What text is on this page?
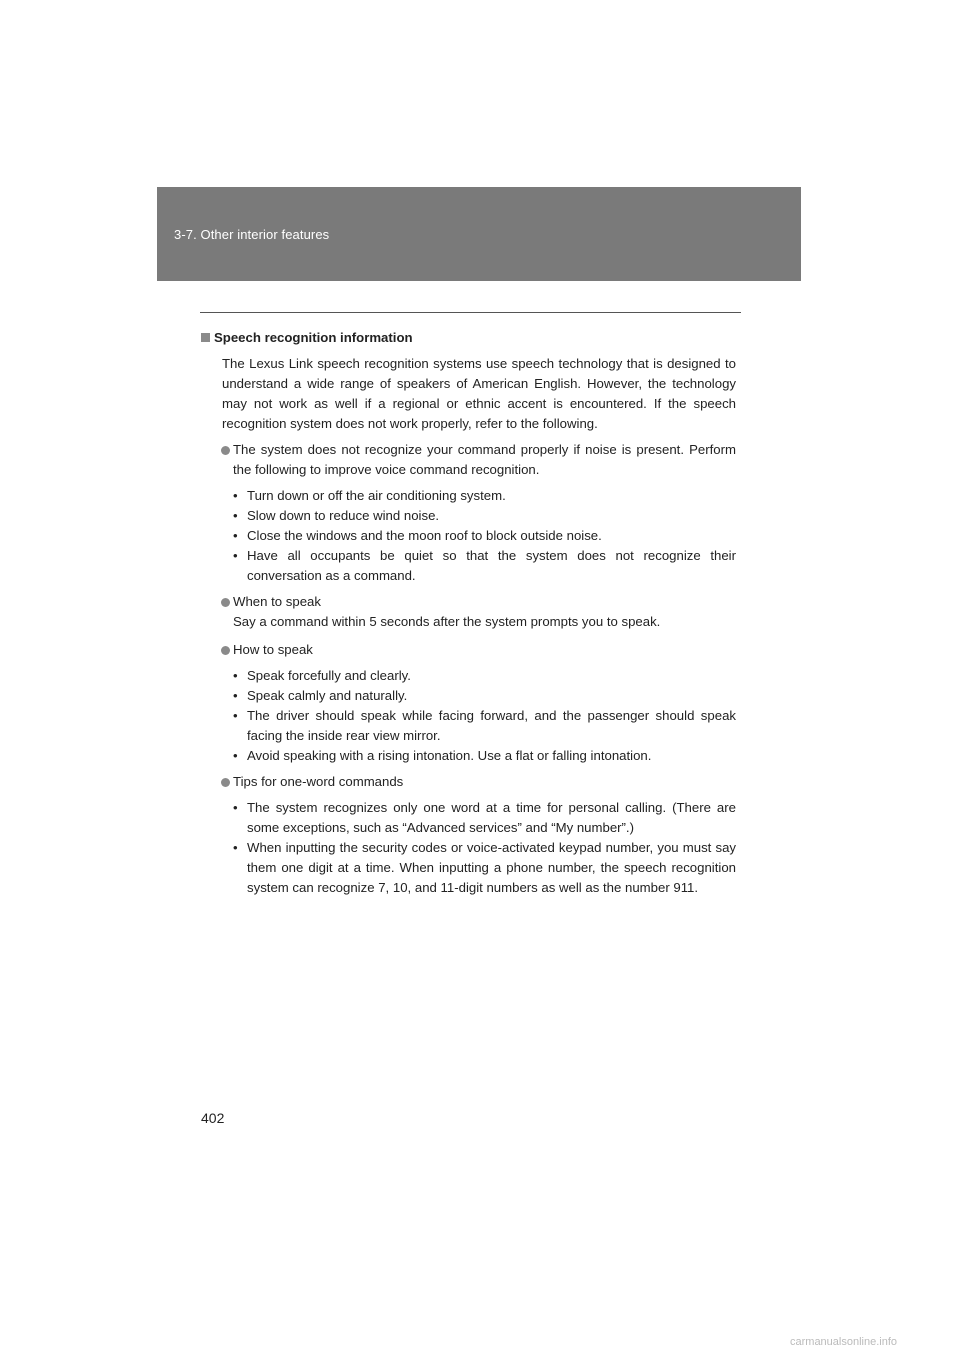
3-7. Other interior features
Speech recognition information
The Lexus Link speech recognition systems use speech technology that is designed to understand a wide range of speakers of American English. However, the technology may not work as well if a regional or ethnic accent is encountered. If the speech recognition system does not work properly, refer to the following.
The system does not recognize your command properly if noise is present. Perform the following to improve voice command recognition.
• Turn down or off the air conditioning system.
• Slow down to reduce wind noise.
• Close the windows and the moon roof to block outside noise.
• Have all occupants be quiet so that the system does not recognize their conversation as a command.
When to speak
Say a command within 5 seconds after the system prompts you to speak.
How to speak
• Speak forcefully and clearly.
• Speak calmly and naturally.
• The driver should speak while facing forward, and the passenger should speak facing the inside rear view mirror.
• Avoid speaking with a rising intonation. Use a flat or falling intonation.
Tips for one-word commands
• The system recognizes only one word at a time for personal calling. (There are some exceptions, such as “Advanced services” and “My number”.)
• When inputting the security codes or voice-activated keypad number, you must say them one digit at a time. When inputting a phone number, the speech recognition system can recognize 7, 10, and 11-digit numbers as well as the number 911.
402
carmanualsonline.info
